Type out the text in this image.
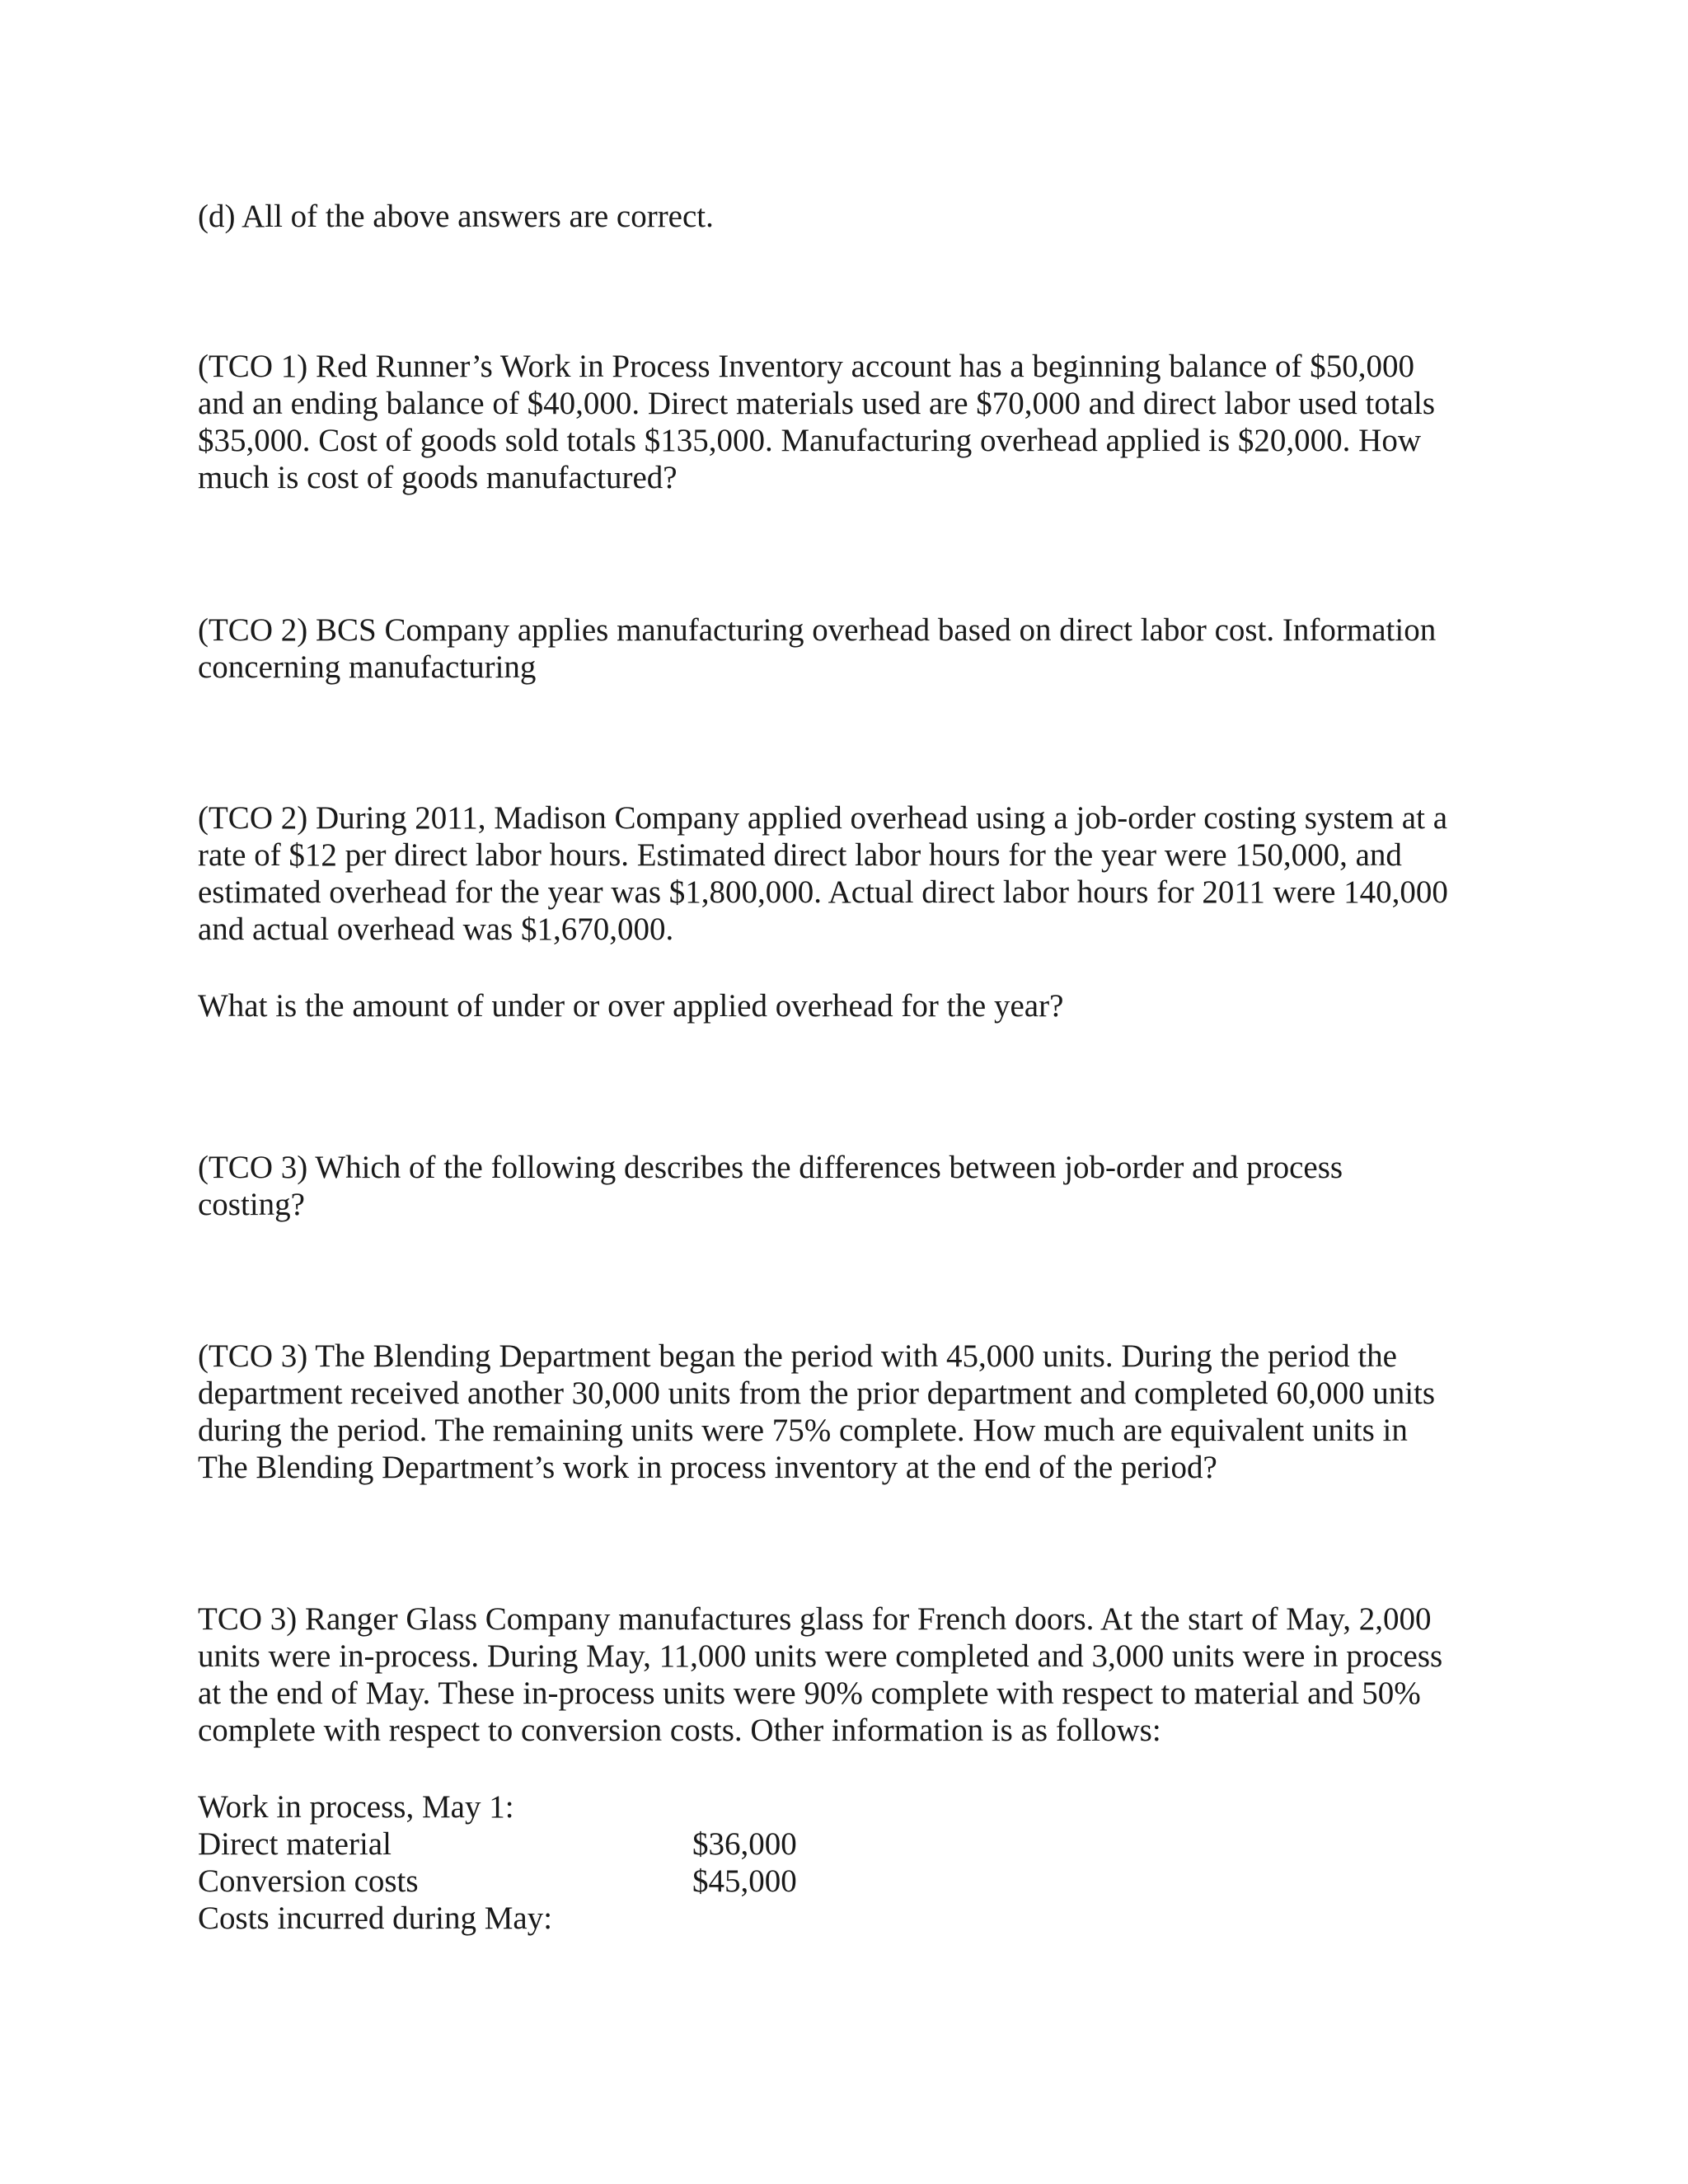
(d) All of the above answers are correct.

(TCO 1) Red Runner’s Work in Process Inventory account has a beginning balance of $50,000
and an ending balance of $40,000. Direct materials used are $70,000 and direct labor used totals
$35,000. Cost of goods sold totals $135,000. Manufacturing overhead applied is $20,000. How
much is cost of goods manufactured?
(TCO 2) BCS Company applies manufacturing overhead based on direct labor cost. Information
concerning manufacturing
(TCO 2) During 2011, Madison Company applied overhead using a job-order costing system at a
rate of $12 per direct labor hours. Estimated direct labor hours for the year were 150,000, and
estimated overhead for the year was $1,800,000. Actual direct labor hours for 2011 were 140,000
and actual overhead was $1,670,000.
What is the amount of under or over applied overhead for the year?
(TCO 3) Which of the following describes the differences between job-order and process
costing?
(TCO 3) The Blending Department began the period with 45,000 units. During the period the
department received another 30,000 units from the prior department and completed 60,000 units
during the period. The remaining units were 75% complete. How much are equivalent units in
The Blending Department’s work in process inventory at the end of the period?
TCO 3) Ranger Glass Company manufactures glass for French doors. At the start of May, 2,000
units were in-process. During May, 11,000 units were completed and 3,000 units were in process
at the end of May. These in-process units were 90% complete with respect to material and 50%
complete with respect to conversion costs. Other information is as follows:
Work in process, May 1:
Direct material	$36,000
Conversion costs	$45,000
Costs incurred during May:
